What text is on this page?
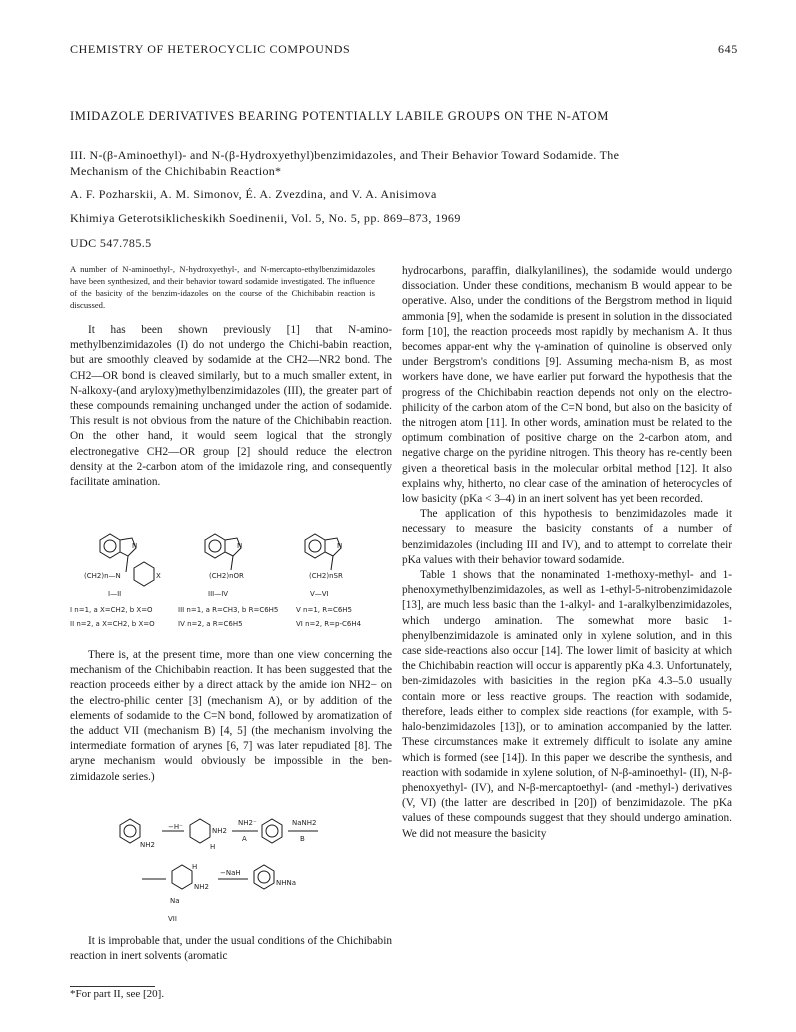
CHEMISTRY OF HETEROCYCLIC COMPOUNDS	645
IMIDAZOLE DERIVATIVES BEARING POTENTIALLY LABILE GROUPS ON THE N-ATOM
III. N-(β-Aminoethyl)- and N-(β-Hydroxyethyl)benzimidazoles, and Their Behavior Toward Sodamide. The Mechanism of the Chichibabin Reaction*
A. F. Pozharskii, A. M. Simonov, É. A. Zvezdina, and V. A. Anisimova
Khimiya Geterotsiklicheskikh Soedinenii, Vol. 5, No. 5, pp. 869–873, 1969
UDC 547.785.5
A number of N-aminoethyl-, N-hydroxyethyl-, and N-mercapto-ethylbenzimidazoles have been synthesized, and their behavior toward sodamide investigated. The influence of the basicity of the benzim-idazoles on the course of the Chichibabin reaction is discussed.

It has been shown previously [1] that N-amino-methylbenzimidazoles (I) do not undergo the Chichi-babin reaction, but are smoothly cleaved by sodamide at the CH2—NR2 bond. The CH2—OR bond is cleaved similarly, but to a much smaller extent, in N-alkoxy-(and aryloxy)methylbenzimidazoles (III), the greater part of these compounds remaining unchanged under the action of sodamide. This result is not obvious from the nature of the Chichibabin reaction. On the other hand, it would seem logical that the strongly electronegative CH2—OR group [2] should reduce the electron density at the 2-carbon atom of the imidazole ring, and consequently facilitate amination.

N
X
(CH2)n—N
N
(CH2)nOR
N
(CH2)nSR
I—II	III—IV	V—VI
I n=1, a X=CH2, b X=O	III n=1, a R=CH3, b R=C6H5	V n=1, R=C6H5
II n=2, a X=CH2, b X=O	IV n=2, a R=C6H5	VI n=2, R=p-C6H4

There is, at the present time, more than one view concerning the mechanism of the Chichibabin reaction. It has been suggested that the reaction proceeds either by a direct attack by the amide ion NH2− on the electro-philic center [3] (mechanism A), or by addition of the elements of sodamide to the C=N bond, followed by aromatization of the adduct VII (mechanism B) [4, 5] (the mechanism involving the intermediate formation of arynes [6, 7] was later repudiated [8]. The aryne mechanism would obviously be impossible in the ben-zimidazole series.)

NH2
−H⁻	NH2
H
NH2⁻
A
NaNH2
B
H
NH2
Na
VII
−NaH
NHNa

It is improbable that, under the usual conditions of the Chichibabin reaction in inert solvents (aromatic

hydrocarbons, paraffin, dialkylanilines), the sodamide would undergo dissociation. Under these conditions, mechanism B would appear to be operative. Also, under the conditions of the Bergstrom method in liquid ammonia [9], when the sodamide is present in solution in the dissociated form [10], the reaction proceeds most rapidly by mechanism A. It thus becomes appar-ent why the γ-amination of quinoline is observed only under Bergstrom's conditions [9]. Assuming mecha-nism B, as most workers have done, we have earlier put forward the hypothesis that the progress of the Chichibabin reaction depends not only on the electro-philicity of the carbon atom of the C=N bond, but also on the basicity of the nitrogen atom [11]. In other words, amination must be related to the optimum combination of positive charge on the 2-carbon atom, and negative charge on the pyridine nitrogen. This theory has re-cently been given a theoretical basis in the molecular orbital method [12]. It also explains why, hitherto, no clear case of the amination of heterocycles of low basicity (pKa < 3–4) in an inert solvent has yet been recorded.

The application of this hypothesis to benzimidazoles made it necessary to measure the basicity constants of a number of benzimidazoles (including III and IV), and to attempt to correlate their pKa values with their behavior toward sodamide.

Table 1 shows that the nonaminated 1-methoxy-methyl- and 1-phenoxymethylbenzimidazoles, as well as 1-ethyl-5-nitrobenzimidazole [13], are much less basic than the 1-alkyl- and 1-aralkylbenzimidazoles, which undergo amination. The somewhat more basic 1-phenylbenzimidazole is aminated only in xylene solution, and in this case side-reactions also occur [14]. The lower limit of basicity at which the Chichibabin reaction will occur is apparently pKa 4.3. Unfortunately, ben-zimidazoles with basicities in the region pKa 4.3–5.0 usually contain more or less reactive groups. The reaction with sodamide, therefore, leads either to complex side reactions (for example, with 5-halo-benzimidazoles [13]), or to amination accompanied by the latter. These circumstances make it extremely difficult to isolate any amine which is formed (see [14]). In this paper we describe the synthesis, and reaction with sodamide in xylene solution, of N-β-aminoethyl- (II), N-β-phenoxyethyl- (IV), and N-β-mercaptoethyl- (and -methyl-) derivatives (V, VI) (the latter are described in [20]) of benzimidazole. The pKa values of these compounds suggest that they should undergo amination. We did not measure the basicity

*For part II, see [20].
